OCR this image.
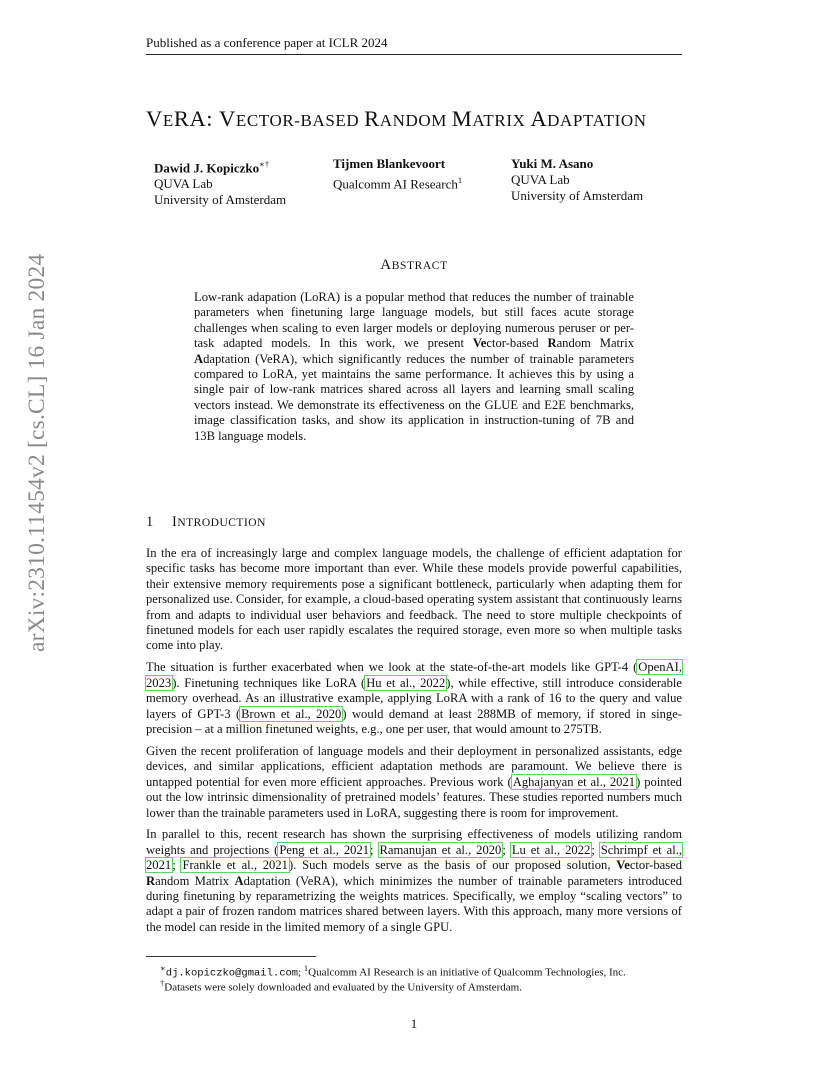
Published as a conference paper at ICLR 2024
arXiv:2310.11454v2 [cs.CL] 16 Jan 2024
VERA: VECTOR-BASED RANDOM MATRIX ADAPTATION
Dawid J. Kopiczko∗†
QUVA Lab
University of Amsterdam
Tijmen Blankevoort
Qualcomm AI Research$^1$
Yuki M. Asano
QUVA Lab
University of Amsterdam
ABSTRACT
Low-rank adapation (LoRA) is a popular method that reduces the number of trainable parameters when finetuning large language models, but still faces acute storage challenges when scaling to even larger models or deploying numerous peruser or per-task adapted models. In this work, we present Vector-based Random Matrix Adaptation (VeRA), which significantly reduces the number of trainable parameters compared to LoRA, yet maintains the same performance. It achieves this by using a single pair of low-rank matrices shared across all layers and learning small scaling vectors instead. We demonstrate its effectiveness on the GLUE and E2E benchmarks, image classification tasks, and show its application in instruction-tuning of 7B and 13B language models.
1 INTRODUCTION

In the era of increasingly large and complex language models, the challenge of efficient adaptation for specific tasks has become more important than ever. While these models provide powerful capabilities, their extensive memory requirements pose a significant bottleneck, particularly when adapting them for personalized use. Consider, for example, a cloud-based operating system assistant that continuously learns from and adapts to individual user behaviors and feedback. The need to store multiple checkpoints of finetuned models for each user rapidly escalates the required storage, even more so when multiple tasks come into play.

The situation is further exacerbated when we look at the state-of-the-art models like GPT-4 (OpenAI, 2023). Finetuning techniques like LoRA (Hu et al., 2022), while effective, still introduce considerable memory overhead. As an illustrative example, applying LoRA with a rank of 16 to the query and value layers of GPT-3 (Brown et al., 2020) would demand at least 288MB of memory, if stored in singe-precision – at a million finetuned weights, e.g., one per user, that would amount to 275TB.

Given the recent proliferation of language models and their deployment in personalized assistants, edge devices, and similar applications, efficient adaptation methods are paramount. We believe there is untapped potential for even more efficient approaches. Previous work (Aghajanyan et al., 2021) pointed out the low intrinsic dimensionality of pretrained models’ features. These studies reported numbers much lower than the trainable parameters used in LoRA, suggesting there is room for improvement.

In parallel to this, recent research has shown the surprising effectiveness of models utilizing random weights and projections (Peng et al., 2021; Ramanujan et al., 2020; Lu et al., 2022; Schrimpf et al., 2021; Frankle et al., 2021). Such models serve as the basis of our proposed solution, Vector-based Random Matrix Adaptation (VeRA), which minimizes the number of trainable parameters introduced during finetuning by reparametrizing the weights matrices. Specifically, we employ “scaling vectors” to adapt a pair of frozen random matrices shared between layers. With this approach, many more versions of the model can reside in the limited memory of a single GPU.

∗dj.kopiczko@gmail.com; $^1$Qualcomm AI Research is an initiative of Qualcomm Technologies, Inc.
†Datasets were solely downloaded and evaluated by the University of Amsterdam.
1
